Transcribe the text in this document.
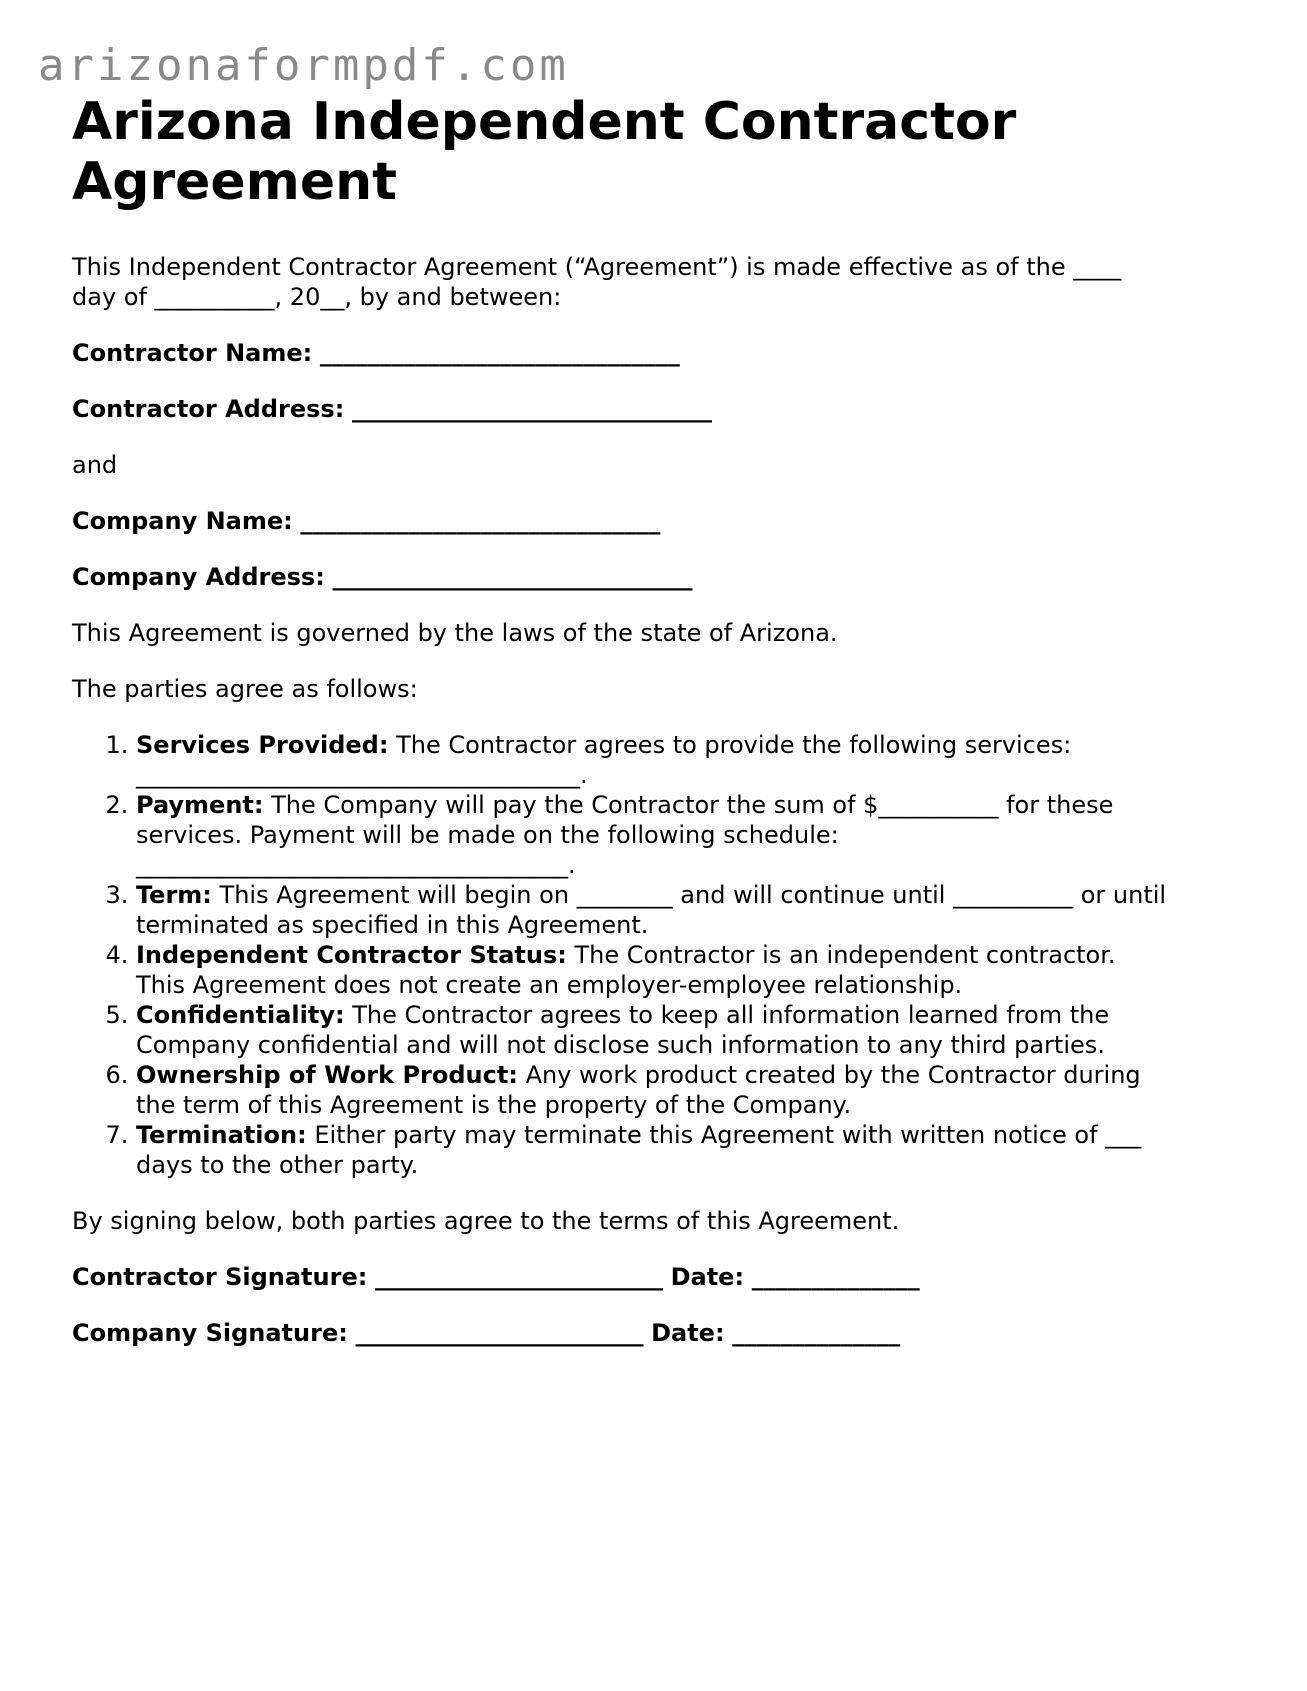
arizonaformpdf.com
Arizona Independent Contractor Agreement

This Independent Contractor Agreement (“Agreement”) is made effective as of the ____
day of __________, 20__, by and between:

Contractor Name: ______________________________

Contractor Address: ______________________________

and

Company Name: ______________________________

Company Address: ______________________________

This Agreement is governed by the laws of the state of Arizona.

The parties agree as follows:

1. Services Provided: The Contractor agrees to provide the following services:
_____________________________________.
2. Payment: The Company will pay the Contractor the sum of $__________ for these
services. Payment will be made on the following schedule:
____________________________________.
3. Term: This Agreement will begin on ________ and will continue until __________ or until
terminated as specified in this Agreement.
4. Independent Contractor Status: The Contractor is an independent contractor.
This Agreement does not create an employer-employee relationship.
5. Confidentiality: The Contractor agrees to keep all information learned from the
Company confidential and will not disclose such information to any third parties.
6. Ownership of Work Product: Any work product created by the Contractor during
the term of this Agreement is the property of the Company.
7. Termination: Either party may terminate this Agreement with written notice of ___
days to the other party.

By signing below, both parties agree to the terms of this Agreement.

Contractor Signature: ________________________ Date: ______________

Company Signature: ________________________ Date: ______________
